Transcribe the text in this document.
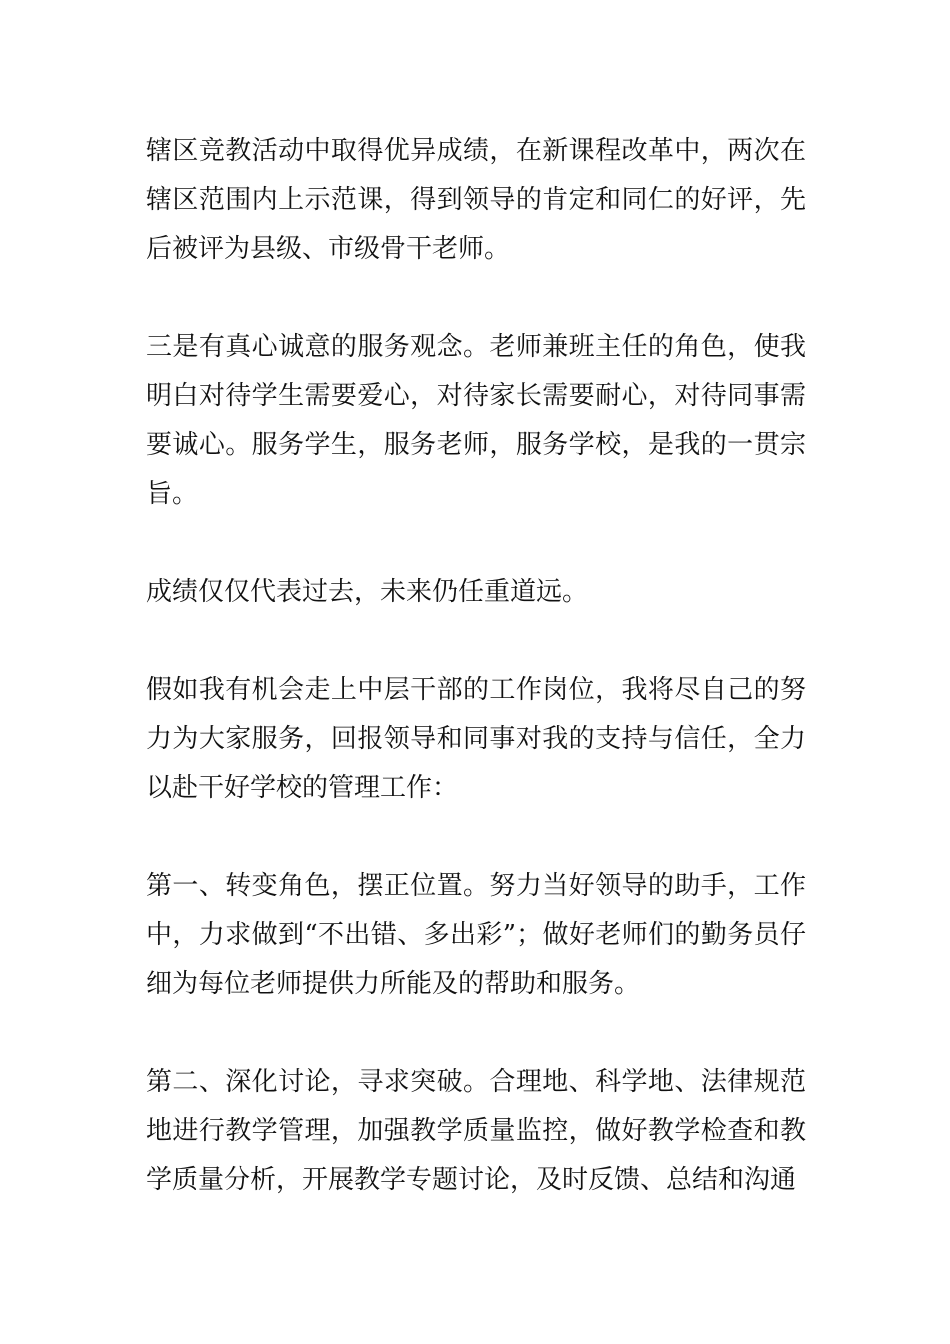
辖区竞教活动中取得优异成绩，在新课程改革中，两次在辖区范围内上示范课，得到领导的肯定和同仁的好评，先后被评为县级、市级骨干老师。

三是有真心诚意的服务观念。老师兼班主任的角色，使我明白对待学生需要爱心，对待家长需要耐心，对待同事需要诚心。服务学生，服务老师，服务学校，是我的一贯宗旨。

成绩仅仅代表过去，未来仍任重道远。

假如我有机会走上中层干部的工作岗位，我将尽自己的努力为大家服务，回报领导和同事对我的支持与信任，全力以赴干好学校的管理工作：

第一、转变角色，摆正位置。努力当好领导的助手，工作中，力求做到“不出错、多出彩”；做好老师们的勤务员仔细为每位老师提供力所能及的帮助和服务。

第二、深化讨论，寻求突破。合理地、科学地、法律规范地进行教学管理，加强教学质量监控，做好教学检查和教学质量分析，开展教学专题讨论，及时反馈、总结和沟通
